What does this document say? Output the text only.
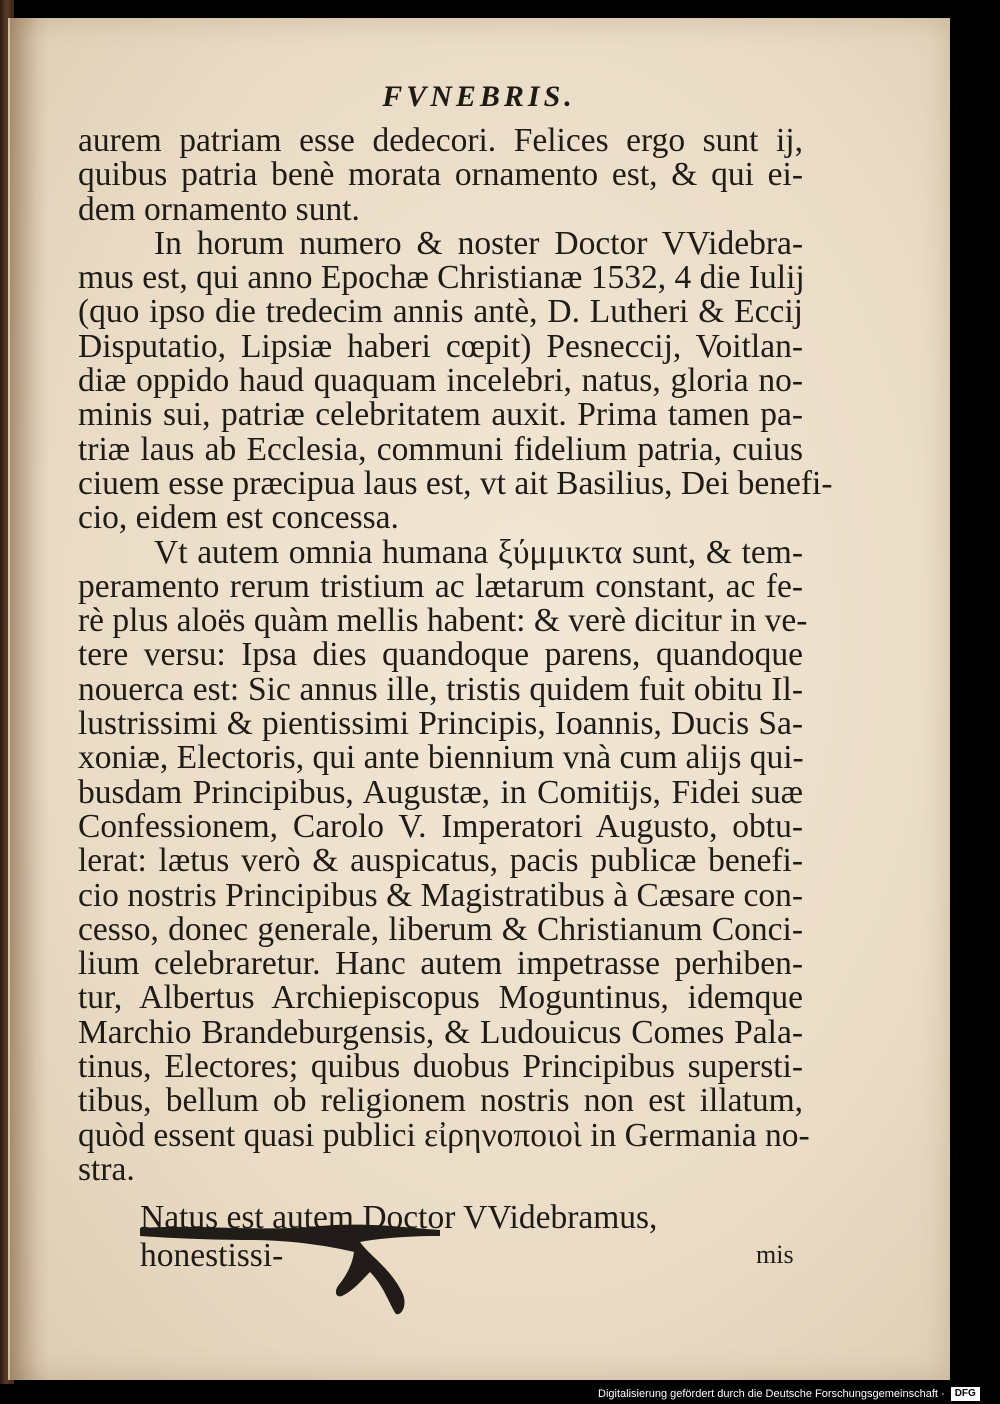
FVNEBRIS.
aurem patriam esse dedecori. Felices ergo sunt ij,
quibus patria benè morata ornamento est, & qui ei-
dem ornamento sunt.
In horum numero & noster Doctor VVidebra-
mus est, qui anno Epochæ Christianæ 1532, 4 die Iulij
(quo ipso die tredecim annis antè, D. Lutheri & Eccij
Disputatio, Lipsiæ haberi cœpit) Pesneccij, Voitlan-
diæ oppido haud quaquam incelebri, natus, gloria no-
minis sui, patriæ celebritatem auxit. Prima tamen pa-
triæ laus ab Ecclesia, communi fidelium patria, cuius
ciuem esse præcipua laus est, vt ait Basilius, Dei benefi-
cio, eidem est concessa.
Vt autem omnia humana ξύμμικτα sunt, & tem-
peramento rerum tristium ac lætarum constant, ac fe-
rè plus aloës quàm mellis habent: & verè dicitur in ve-
tere versu: Ipsa dies quandoque parens, quandoque
nouerca est: Sic annus ille, tristis quidem fuit obitu Il-
lustrissimi & pientissimi Principis, Ioannis, Ducis Sa-
xoniæ, Electoris, qui ante biennium vnà cum alijs qui-
busdam Principibus, Augustæ, in Comitijs, Fidei suæ
Confessionem, Carolo V. Imperatori Augusto, obtu-
lerat: lætus verò & auspicatus, pacis publicæ benefi-
cio nostris Principibus & Magistratibus à Cæsare con-
cesso, donec generale, liberum & Christianum Conci-
lium celebraretur. Hanc autem impetrasse perhiben-
tur, Albertus Archiepiscopus Moguntinus, idemque
Marchio Brandeburgensis, & Ludouicus Comes Pala-
tinus, Electores; quibus duobus Principibus supersti-
tibus, bellum ob religionem nostris non est illatum,
quòd essent quasi publici εἰρηνοποιοὶ in Germania no-
stra.
Natus est autem Doctor VVidebramus, honestissi-	mis
Digitalisierung gefördert durch die Deutsche Forschungsgemeinschaft ·	DFG
